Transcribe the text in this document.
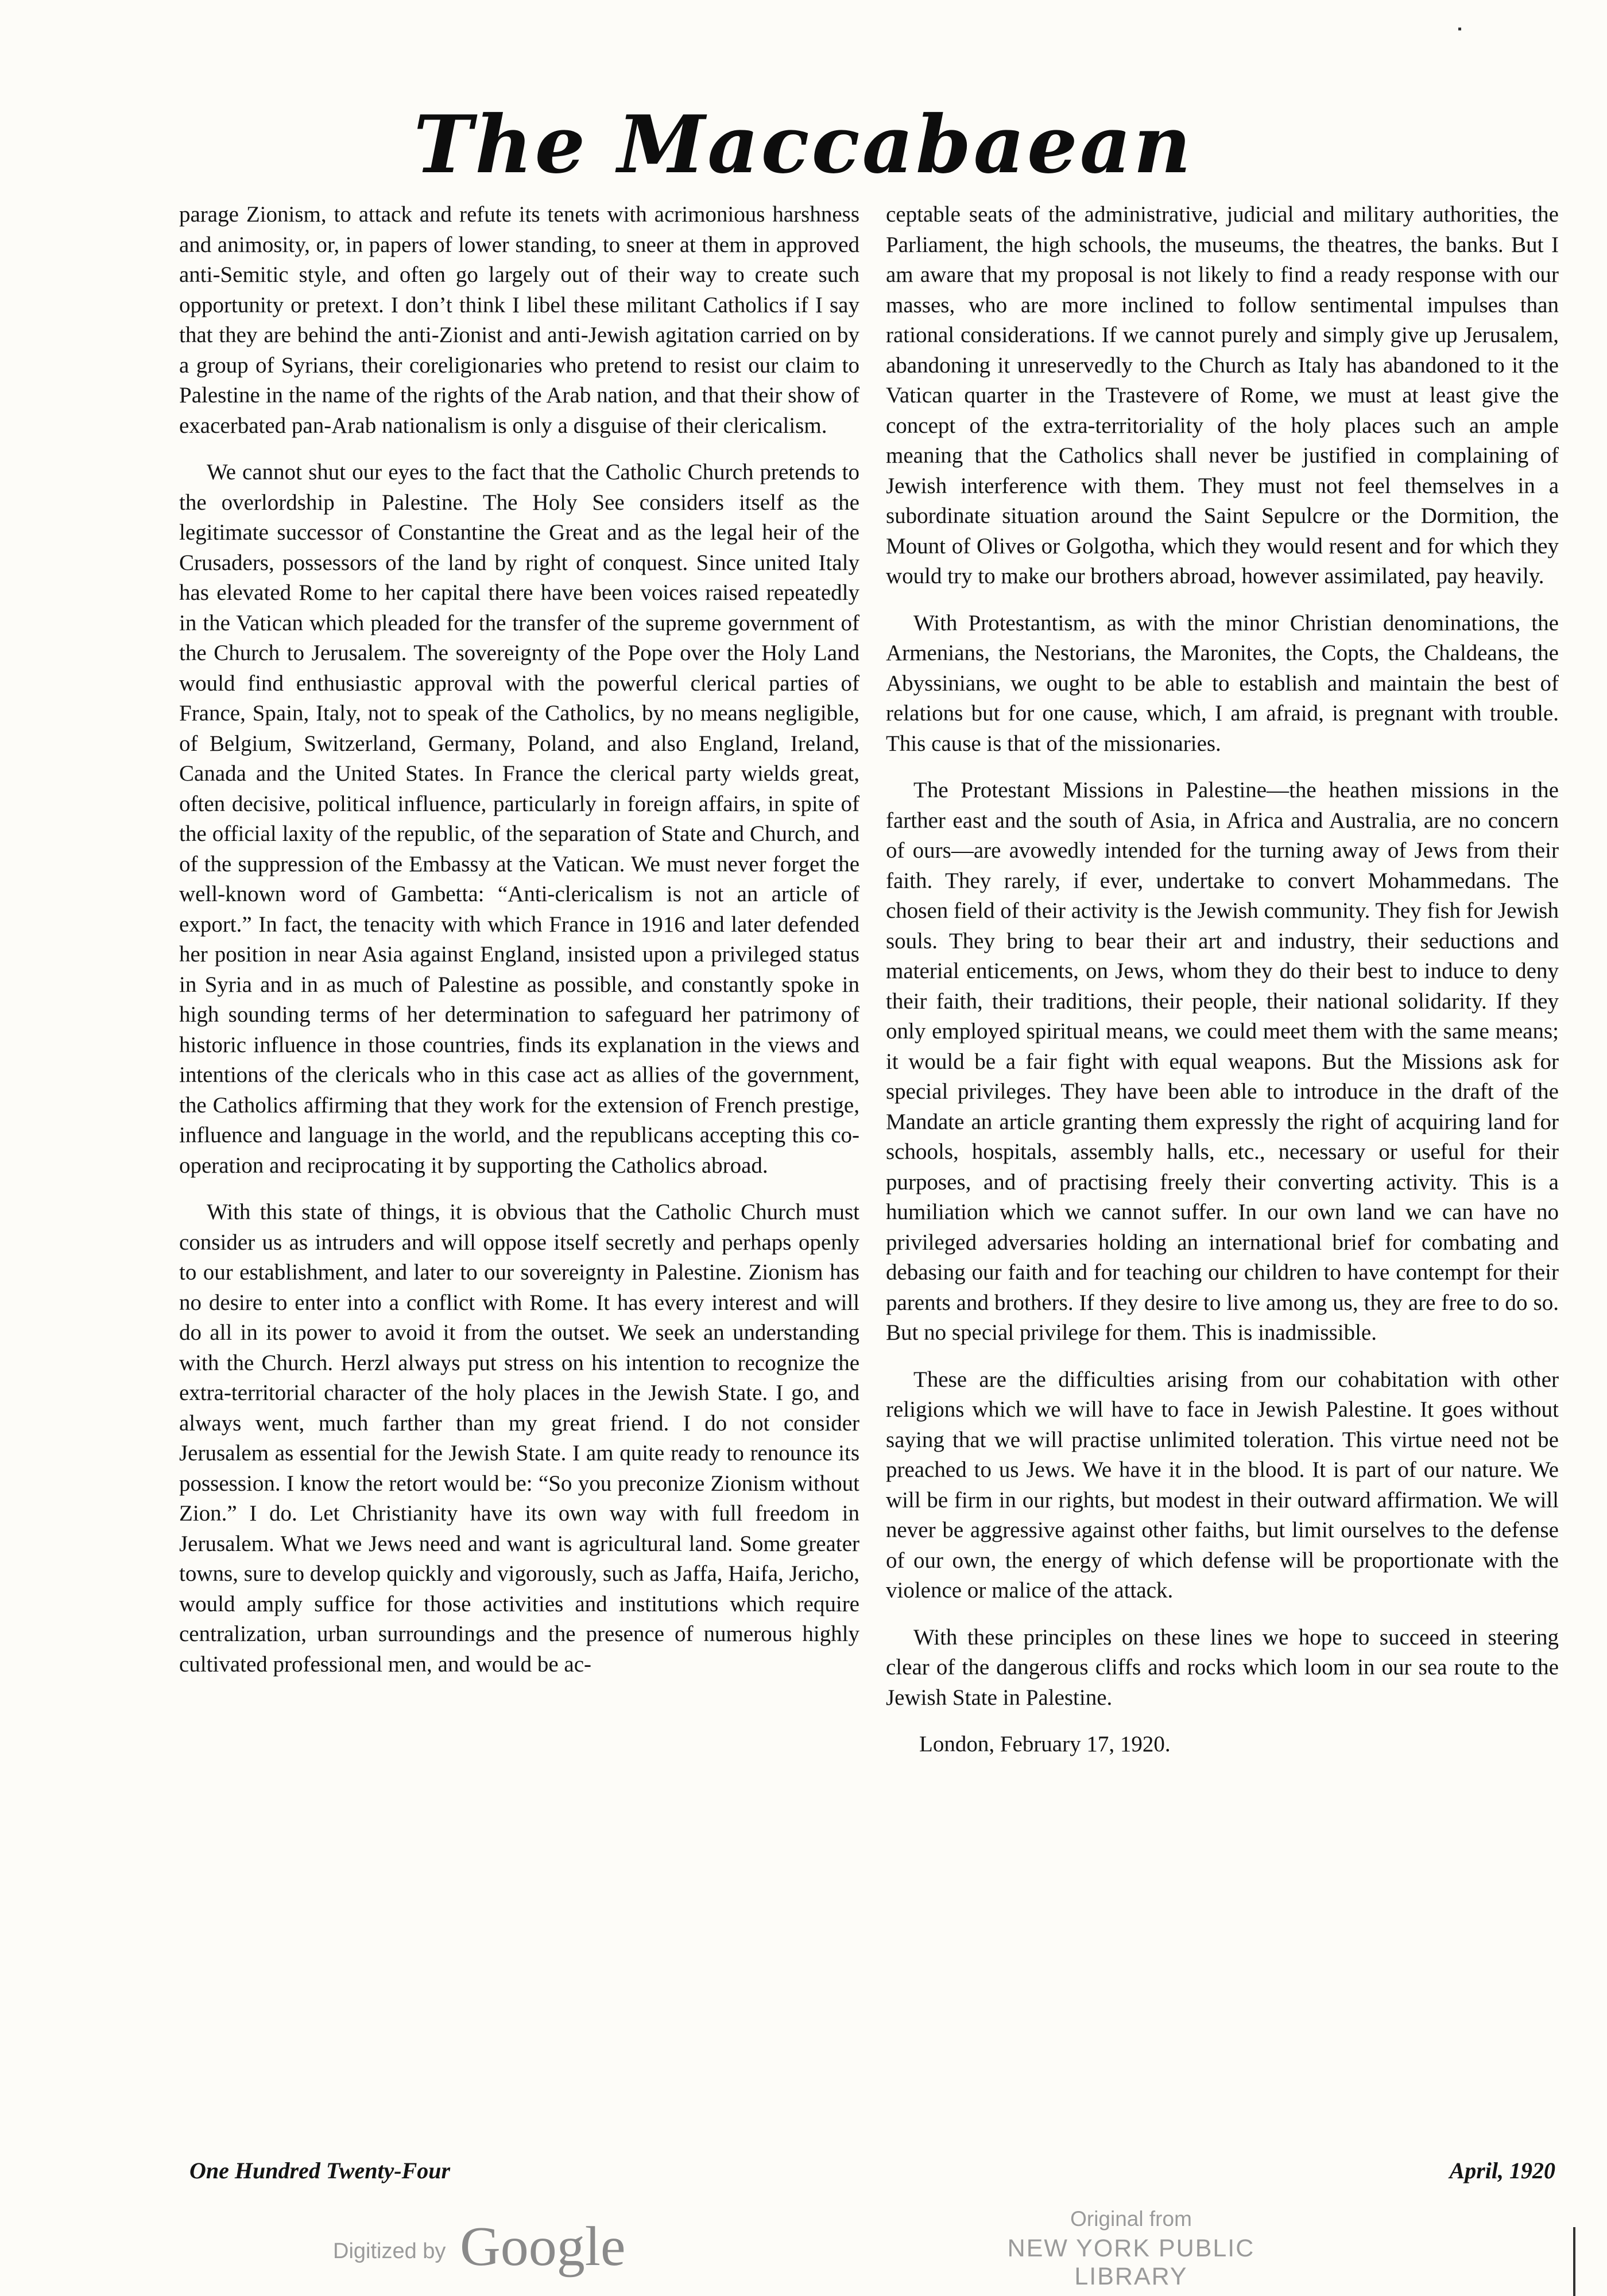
The Maccabaean

parage Zionism, to attack and refute its tenets with acrimonious harshness and animosity, or, in papers of lower standing, to sneer at them in approved anti-Semitic style, and often go largely out of their way to create such opportunity or pretext. I don’t think I libel these militant Catholics if I say that they are behind the anti-Zionist and anti-Jewish agitation carried on by a group of Syrians, their coreligionaries who pretend to resist our claim to Palestine in the name of the rights of the Arab nation, and that their show of exacerbated pan-Arab nationalism is only a disguise of their clericalism.

We cannot shut our eyes to the fact that the Catholic Church pretends to the overlordship in Palestine. The Holy See considers itself as the legitimate successor of Constantine the Great and as the legal heir of the Crusaders, possessors of the land by right of conquest. Since united Italy has elevated Rome to her capital there have been voices raised repeatedly in the Vatican which pleaded for the transfer of the supreme government of the Church to Jerusalem. The sovereignty of the Pope over the Holy Land would find enthusiastic approval with the powerful clerical parties of France, Spain, Italy, not to speak of the Catholics, by no means negligible, of Belgium, Switzerland, Germany, Poland, and also England, Ireland, Canada and the United States. In France the clerical party wields great, often decisive, political influence, particularly in foreign affairs, in spite of the official laxity of the republic, of the separation of State and Church, and of the suppression of the Embassy at the Vatican. We must never forget the well-known word of Gambetta: “Anti-clericalism is not an article of export.” In fact, the tenacity with which France in 1916 and later defended her position in near Asia against England, insisted upon a privileged status in Syria and in as much of Palestine as possible, and constantly spoke in high sounding terms of her determination to safeguard her patrimony of historic influence in those countries, finds its explanation in the views and intentions of the clericals who in this case act as allies of the government, the Catholics affirming that they work for the extension of French prestige, influence and language in the world, and the republicans accepting this co-operation and reciprocating it by supporting the Catholics abroad.

With this state of things, it is obvious that the Catholic Church must consider us as intruders and will oppose itself secretly and perhaps openly to our establishment, and later to our sovereignty in Palestine. Zionism has no desire to enter into a conflict with Rome. It has every interest and will do all in its power to avoid it from the outset. We seek an understanding with the Church. Herzl always put stress on his intention to recognize the extra-territorial character of the holy places in the Jewish State. I go, and always went, much farther than my great friend. I do not consider Jerusalem as essential for the Jewish State. I am quite ready to renounce its possession. I know the retort would be: “So you preconize Zionism without Zion.” I do. Let Christianity have its own way with full freedom in Jerusalem. What we Jews need and want is agricultural land. Some greater towns, sure to develop quickly and vigorously, such as Jaffa, Haifa, Jericho, would amply suffice for those activities and institutions which require centralization, urban surroundings and the presence of numerous highly cultivated professional men, and would be ac-

ceptable seats of the administrative, judicial and military authorities, the Parliament, the high schools, the museums, the theatres, the banks. But I am aware that my proposal is not likely to find a ready response with our masses, who are more inclined to follow sentimental impulses than rational considerations. If we cannot purely and simply give up Jerusalem, abandoning it unreservedly to the Church as Italy has abandoned to it the Vatican quarter in the Trastevere of Rome, we must at least give the concept of the extra-territoriality of the holy places such an ample meaning that the Catholics shall never be justified in complaining of Jewish interference with them. They must not feel themselves in a subordinate situation around the Saint Sepulcre or the Dormition, the Mount of Olives or Golgotha, which they would resent and for which they would try to make our brothers abroad, however assimilated, pay heavily.

With Protestantism, as with the minor Christian denominations, the Armenians, the Nestorians, the Maronites, the Copts, the Chaldeans, the Abyssinians, we ought to be able to establish and maintain the best of relations but for one cause, which, I am afraid, is pregnant with trouble. This cause is that of the missionaries.

The Protestant Missions in Palestine—the heathen missions in the farther east and the south of Asia, in Africa and Australia, are no concern of ours—are avowedly intended for the turning away of Jews from their faith. They rarely, if ever, undertake to convert Mohammedans. The chosen field of their activity is the Jewish community. They fish for Jewish souls. They bring to bear their art and industry, their seductions and material enticements, on Jews, whom they do their best to induce to deny their faith, their traditions, their people, their national solidarity. If they only employed spiritual means, we could meet them with the same means; it would be a fair fight with equal weapons. But the Missions ask for special privileges. They have been able to introduce in the draft of the Mandate an article granting them expressly the right of acquiring land for schools, hospitals, assembly halls, etc., necessary or useful for their purposes, and of practising freely their converting activity. This is a humiliation which we cannot suffer. In our own land we can have no privileged adversaries holding an international brief for combating and debasing our faith and for teaching our children to have contempt for their parents and brothers. If they desire to live among us, they are free to do so. But no special privilege for them. This is inadmissible.

These are the difficulties arising from our cohabitation with other religions which we will have to face in Jewish Palestine. It goes without saying that we will practise unlimited toleration. This virtue need not be preached to us Jews. We have it in the blood. It is part of our nature. We will be firm in our rights, but modest in their outward affirmation. We will never be aggressive against other faiths, but limit ourselves to the defense of our own, the energy of which defense will be proportionate with the violence or malice of the attack.

With these principles on these lines we hope to succeed in steering clear of the dangerous cliffs and rocks which loom in our sea route to the Jewish State in Palestine.

London, February 17, 1920.

One Hundred Twenty-Four	April, 1920
Digitized by Google	Original from
NEW YORK PUBLIC LIBRARY
